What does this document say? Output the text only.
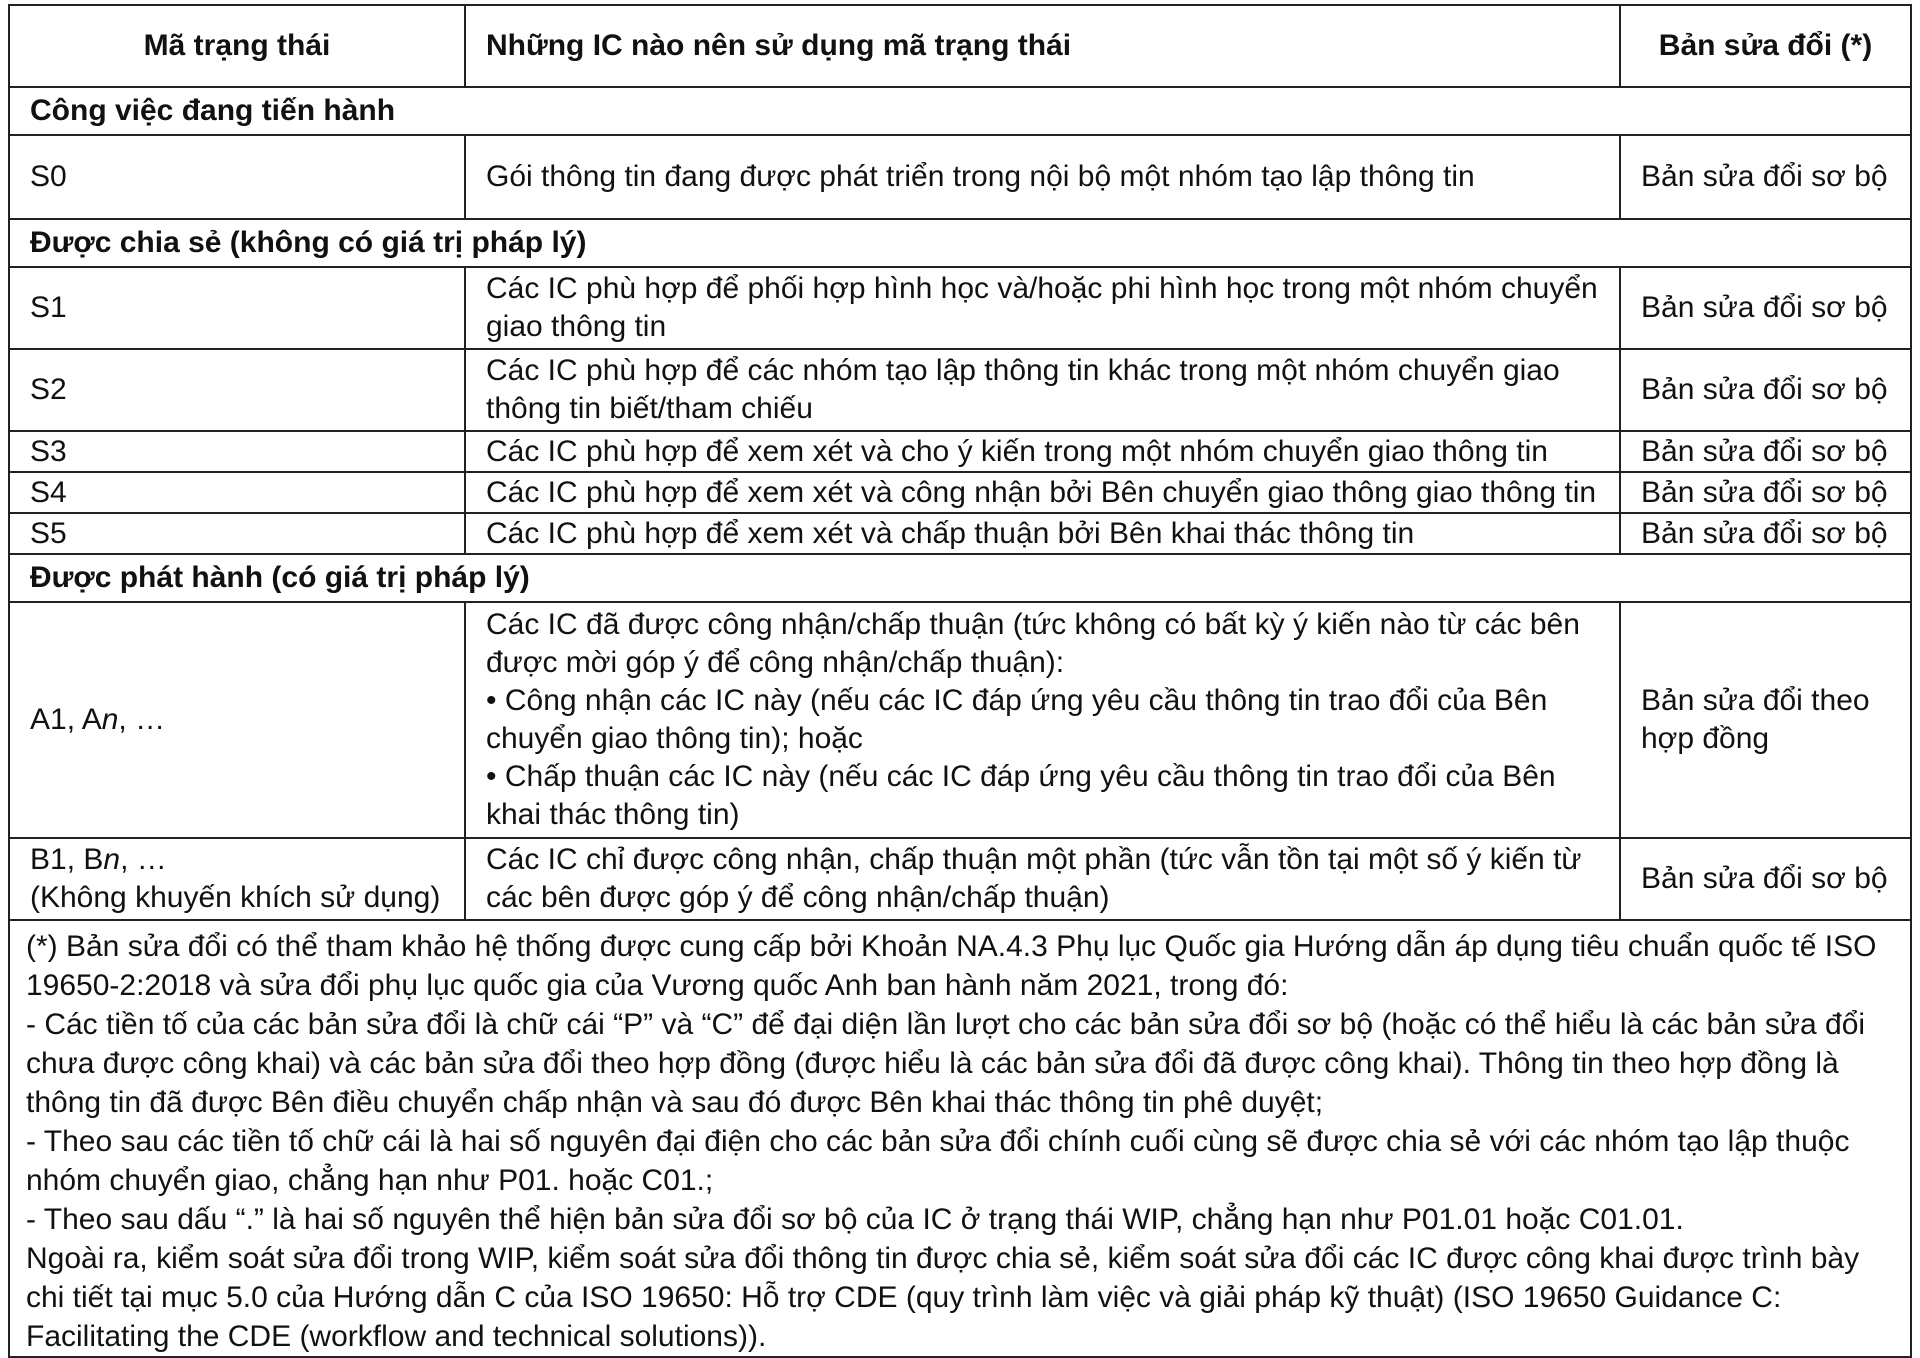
Mã trạng thái	Những IC nào nên sử dụng mã trạng thái	Bản sửa đổi (*)
Công việc đang tiến hành		
S0	Gói thông tin đang được phát triển trong nội bộ một nhóm tạo lập thông tin	Bản sửa đổi sơ bộ
Được chia sẻ (không có giá trị pháp lý)		
S1	Các IC phù hợp để phối hợp hình học và/hoặc phi hình học trong một nhóm chuyển giao thông tin	Bản sửa đổi sơ bộ
S2	Các IC phù hợp để các nhóm tạo lập thông tin khác trong một nhóm chuyển giao thông tin biết/tham chiếu	Bản sửa đổi sơ bộ
S3	Các IC phù hợp để xem xét và cho ý kiến trong một nhóm chuyển giao thông tin	Bản sửa đổi sơ bộ
S4	Các IC phù hợp để xem xét và công nhận bởi Bên chuyển giao thông giao thông tin	Bản sửa đổi sơ bộ
S5	Các IC phù hợp để xem xét và chấp thuận bởi Bên khai thác thông tin	Bản sửa đổi sơ bộ
Được phát hành (có giá trị pháp lý)		
A1, An, …	Các IC đã được công nhận/chấp thuận (tức không có bất kỳ ý kiến nào từ các bên được mời góp ý để công nhận/chấp thuận):
• Công nhận các IC này (nếu các IC đáp ứng yêu cầu thông tin trao đổi của Bên chuyển giao thông tin); hoặc
• Chấp thuận các IC này (nếu các IC đáp ứng yêu cầu thông tin trao đổi của Bên khai thác thông tin)	Bản sửa đổi theo hợp đồng

B1, Bn, …
(Không khuyến khích sử dụng)	Các IC chỉ được công nhận, chấp thuận một phần (tức vẫn tồn tại một số ý kiến từ các bên được góp ý để công nhận/chấp thuận)	Bản sửa đổi sơ bộ

(*) Bản sửa đổi có thể tham khảo hệ thống được cung cấp bởi Khoản NA.4.3 Phụ lục Quốc gia Hướng dẫn áp dụng tiêu chuẩn quốc tế ISO 19650-2:2018 và sửa đổi phụ lục quốc gia của Vương quốc Anh ban hành năm 2021, trong đó:

- Các tiền tố của các bản sửa đổi là chữ cái “P” và “C” để đại diện lần lượt cho các bản sửa đổi sơ bộ (hoặc có thể hiểu là các bản sửa đổi chưa được công khai) và các bản sửa đổi theo hợp đồng (được hiểu là các bản sửa đổi đã được công khai). Thông tin theo hợp đồng là thông tin đã được Bên điều chuyển chấp nhận và sau đó được Bên khai thác thông tin phê duyệt;

- Theo sau các tiền tố chữ cái là hai số nguyên đại điện cho các bản sửa đổi chính cuối cùng sẽ được chia sẻ với các nhóm tạo lập thuộc nhóm chuyển giao, chẳng hạn như P01. hoặc C01.;

- Theo sau dấu “.” là hai số nguyên thể hiện bản sửa đổi sơ bộ của IC ở trạng thái WIP, chẳng hạn như P01.01 hoặc C01.01.

Ngoài ra, kiểm soát sửa đổi trong WIP, kiểm soát sửa đổi thông tin được chia sẻ, kiểm soát sửa đổi các IC được công khai được trình bày chi tiết tại mục 5.0 của Hướng dẫn C của ISO 19650: Hỗ trợ CDE (quy trình làm việc và giải pháp kỹ thuật) (ISO 19650 Guidance C: Facilitating the CDE (workflow and technical solutions)).		
